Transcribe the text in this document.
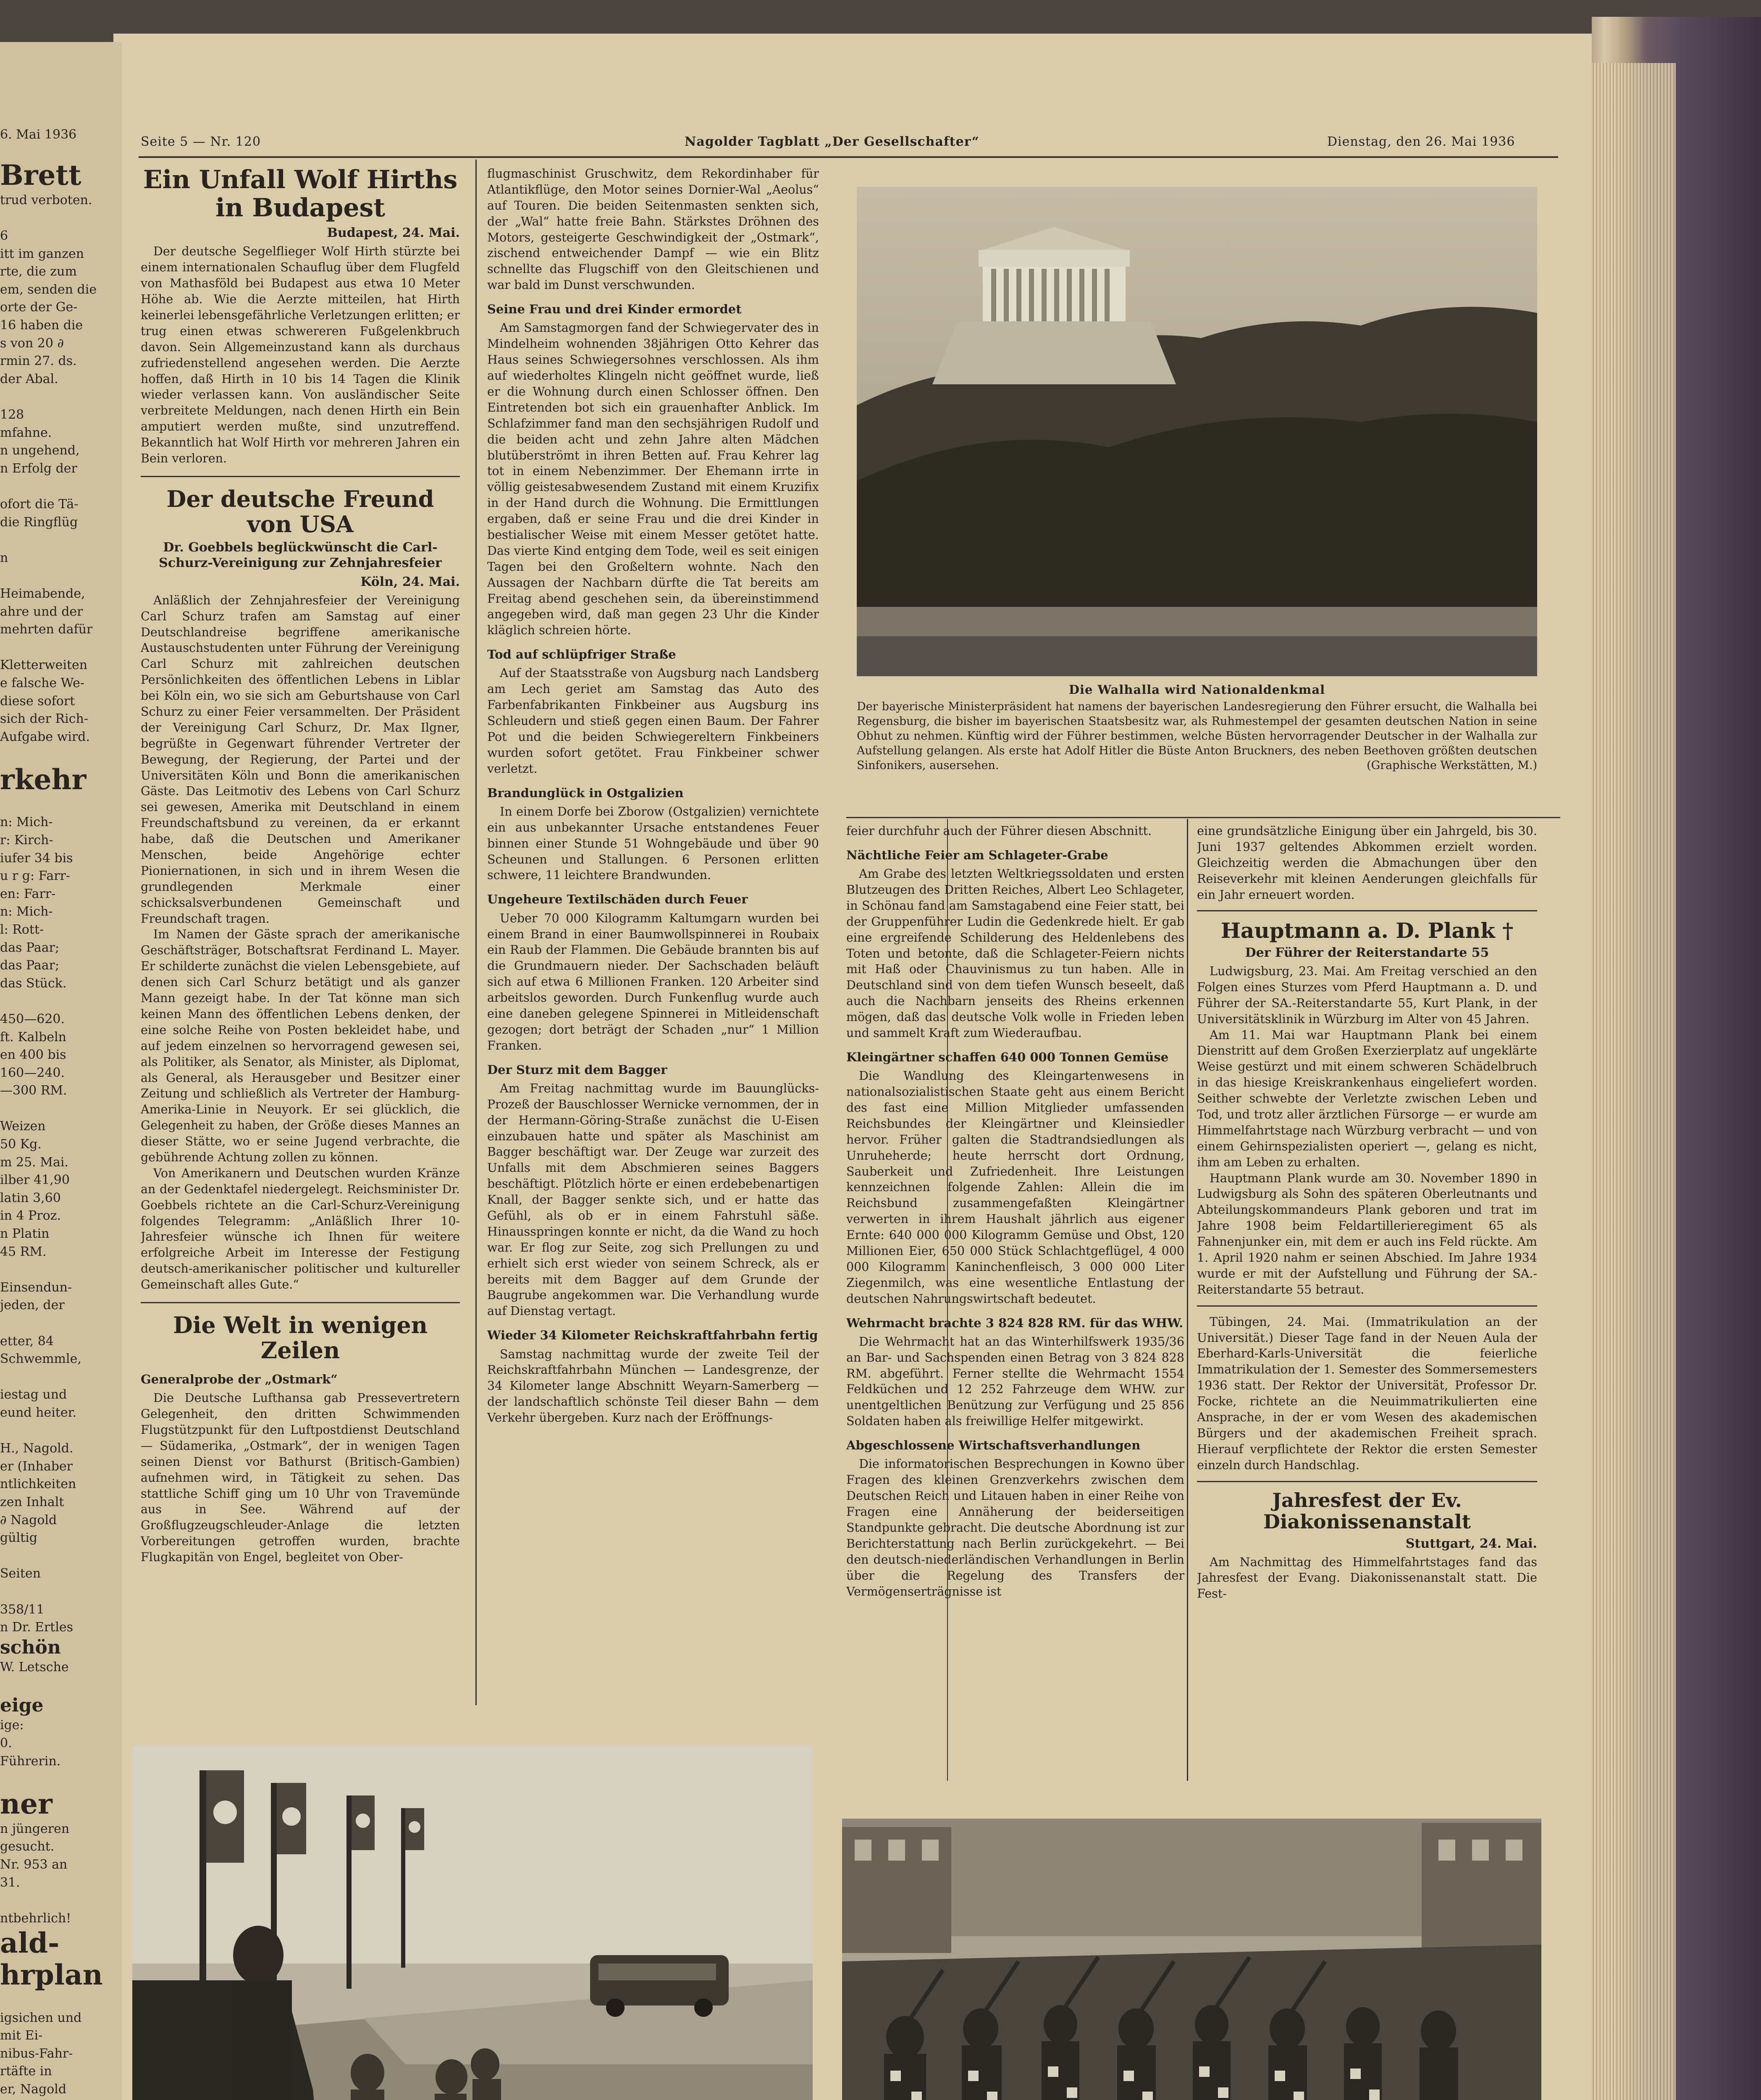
6. Mai 1936
Brett
trud verboten.

6
itt im ganzen
rte, die zum
em, senden die
orte der Ge-
16 haben die
s von 20 ∂
rmin 27. ds.
der Abal.

128
mfahne.
n ungehend,
n Erfolg der

ofort die Tä-
die Ringflüg

n

Heimabende,
ahre und der
mehrten dafür

Kletterweiten
e falsche We-
diese sofort
sich der Rich-
Aufgabe wird.

rkehr

n: Mich-
r: Kirch-
iufer 34 bis
u r g: Farr-
en: Farr-
n: Mich-
l: Rott-
das Paar;
das Paar;
das Stück.

450—620.
ft. Kalbeln
en 400 bis
160—240.
—300 RM.

Weizen
50 Kg.
m 25. Mai.
ilber 41,90
latin 3,60
in 4 Proz.
n Platin
45 RM.

Einsendun-
jeden, der

etter, 84
Schwemmle,

iestag und
eund heiter.

H., Nagold.
er (Inhaber
ntlichkeiten
zen Inhalt
∂ Nagold
gültig

Seiten

358/11
n Dr. Ertles
schön
W. Letsche

eige
ige:
0.
Führerin.

ner
n jüngeren
gesucht.
Nr. 953 an
31.

ntbehrlich!
ald-
hrplan

igsichen und
mit Ei-
nibus-Fahr-
rtäfte in
er, Nagold
Seite 5 — Nr. 120	Nagolder Tagblatt „Der Gesellschafter“	Dienstag, den 26. Mai 1936
Ein Unfall Wolf Hirths in Budapest
Budapest, 24. Mai.

Der deutsche Segelflieger Wolf Hirth stürzte bei einem internationalen Schauflug über dem Flugfeld von Mathasföld bei Budapest aus etwa 10 Meter Höhe ab. Wie die Aerzte mitteilen, hat Hirth keinerlei lebensgefährliche Verletzungen erlitten; er trug einen etwas schwereren Fußgelenkbruch davon. Sein Allgemeinzustand kann als durchaus zufriedenstellend angesehen werden. Die Aerzte hoffen, daß Hirth in 10 bis 14 Tagen die Klinik wieder verlassen kann. Von ausländischer Seite verbreitete Meldungen, nach denen Hirth ein Bein amputiert werden mußte, sind unzutreffend. Bekanntlich hat Wolf Hirth vor mehreren Jahren ein Bein verloren.

Der deutsche Freund von USA
Dr. Goebbels beglückwünscht die Carl-Schurz-Vereinigung zur Zehnjahresfeier
Köln, 24. Mai.

Anläßlich der Zehnjahresfeier der Vereinigung Carl Schurz trafen am Samstag auf einer Deutschlandreise begriffene amerikanische Austauschstudenten unter Führung der Vereinigung Carl Schurz mit zahlreichen deutschen Persönlichkeiten des öffentlichen Lebens in Liblar bei Köln ein, wo sie sich am Geburtshause von Carl Schurz zu einer Feier versammelten. Der Präsident der Vereinigung Carl Schurz, Dr. Max Ilgner, begrüßte in Gegenwart führender Vertreter der Bewegung, der Regierung, der Partei und der Universitäten Köln und Bonn die amerikanischen Gäste. Das Leitmotiv des Lebens von Carl Schurz sei gewesen, Amerika mit Deutschland in einem Freundschaftsbund zu vereinen, da er erkannt habe, daß die Deutschen und Amerikaner Menschen, beide Angehörige echter Pioniernationen, in sich und in ihrem Wesen die grundlegenden Merkmale einer schicksalsverbundenen Gemeinschaft und Freundschaft tragen.

Im Namen der Gäste sprach der amerikanische Geschäftsträger, Botschaftsrat Ferdinand L. Mayer. Er schilderte zunächst die vielen Lebensgebiete, auf denen sich Carl Schurz betätigt und als ganzer Mann gezeigt habe. In der Tat könne man sich keinen Mann des öffentlichen Lebens denken, der eine solche Reihe von Posten bekleidet habe, und auf jedem einzelnen so hervorragend gewesen sei, als Politiker, als Senator, als Minister, als Diplomat, als General, als Herausgeber und Besitzer einer Zeitung und schließlich als Vertreter der Hamburg-Amerika-Linie in Neuyork. Er sei glücklich, die Gelegenheit zu haben, der Größe dieses Mannes an dieser Stätte, wo er seine Jugend verbrachte, die gebührende Achtung zollen zu können.

Von Amerikanern und Deutschen wurden Kränze an der Gedenktafel niedergelegt. Reichsminister Dr. Goebbels richtete an die Carl-Schurz-Vereinigung folgendes Telegramm: „Anläßlich Ihrer 10-Jahresfeier wünsche ich Ihnen für weitere erfolgreiche Arbeit im Interesse der Festigung deutsch-amerikanischer politischer und kultureller Gemeinschaft alles Gute.“

Die Welt in wenigen Zeilen
Generalprobe der „Ostmark“

Die Deutsche Lufthansa gab Pressevertretern Gelegenheit, den dritten Schwimmenden Flugstützpunkt für den Luftpostdienst Deutschland — Südamerika, „Ostmark“, der in wenigen Tagen seinen Dienst vor Bathurst (Britisch-Gambien) aufnehmen wird, in Tätigkeit zu sehen. Das stattliche Schiff ging um 10 Uhr von Travemünde aus in See. Während auf der Großflugzeugschleuder-Anlage die letzten Vorbereitungen getroffen wurden, brachte Flugkapitän von Engel, begleitet von Ober-

flugmaschinist Gruschwitz, dem Rekordinhaber für Atlantikflüge, den Motor seines Dornier-Wal „Aeolus“ auf Touren. Die beiden Seitenmasten senkten sich, der „Wal“ hatte freie Bahn. Stärkstes Dröhnen des Motors, gesteigerte Geschwindigkeit der „Ostmark“, zischend entweichender Dampf — wie ein Blitz schnellte das Flugschiff von den Gleitschienen und war bald im Dunst verschwunden.

Seine Frau und drei Kinder ermordet

Am Samstagmorgen fand der Schwiegervater des in Mindelheim wohnenden 38jährigen Otto Kehrer das Haus seines Schwiegersohnes verschlossen. Als ihm auf wiederholtes Klingeln nicht geöffnet wurde, ließ er die Wohnung durch einen Schlosser öffnen. Den Eintretenden bot sich ein grauenhafter Anblick. Im Schlafzimmer fand man den sechsjährigen Rudolf und die beiden acht und zehn Jahre alten Mädchen blutüberströmt in ihren Betten auf. Frau Kehrer lag tot in einem Nebenzimmer. Der Ehemann irrte in völlig geistesabwesendem Zustand mit einem Kruzifix in der Hand durch die Wohnung. Die Ermittlungen ergaben, daß er seine Frau und die drei Kinder in bestialischer Weise mit einem Messer getötet hatte. Das vierte Kind entging dem Tode, weil es seit einigen Tagen bei den Großeltern wohnte. Nach den Aussagen der Nachbarn dürfte die Tat bereits am Freitag abend geschehen sein, da übereinstimmend angegeben wird, daß man gegen 23 Uhr die Kinder kläglich schreien hörte.

Tod auf schlüpfriger Straße

Auf der Staatsstraße von Augsburg nach Landsberg am Lech geriet am Samstag das Auto des Farbenfabrikanten Finkbeiner aus Augsburg ins Schleudern und stieß gegen einen Baum. Der Fahrer Pot und die beiden Schwiegereltern Finkbeiners wurden sofort getötet. Frau Finkbeiner schwer verletzt.

Brandunglück in Ostgalizien

In einem Dorfe bei Zborow (Ostgalizien) vernichtete ein aus unbekannter Ursache entstandenes Feuer binnen einer Stunde 51 Wohngebäude und über 90 Scheunen und Stallungen. 6 Personen erlitten schwere, 11 leichtere Brandwunden.

Ungeheure Textilschäden durch Feuer

Ueber 70 000 Kilogramm Kaltumgarn wurden bei einem Brand in einer Baumwollspinnerei in Roubaix ein Raub der Flammen. Die Gebäude brannten bis auf die Grundmauern nieder. Der Sachschaden beläuft sich auf etwa 6 Millionen Franken. 120 Arbeiter sind arbeitslos geworden. Durch Funkenflug wurde auch eine daneben gelegene Spinnerei in Mitleidenschaft gezogen; dort beträgt der Schaden „nur“ 1 Million Franken.

Der Sturz mit dem Bagger

Am Freitag nachmittag wurde im Bauunglücks-Prozeß der Bauschlosser Wernicke vernommen, der in der Hermann-Göring-Straße zunächst die U-Eisen einzubauen hatte und später als Maschinist am Bagger beschäftigt war. Der Zeuge war zurzeit des Unfalls mit dem Abschmieren seines Baggers beschäftigt. Plötzlich hörte er einen erdebebenartigen Knall, der Bagger senkte sich, und er hatte das Gefühl, als ob er in einem Fahrstuhl säße. Hinausspringen konnte er nicht, da die Wand zu hoch war. Er flog zur Seite, zog sich Prellungen zu und erhielt sich erst wieder von seinem Schreck, als er bereits mit dem Bagger auf dem Grunde der Baugrube angekommen war. Die Verhandlung wurde auf Dienstag vertagt.

Wieder 34 Kilometer Reichskraftfahrbahn fertig

Samstag nachmittag wurde der zweite Teil der Reichskraftfahrbahn München — Landesgrenze, der 34 Kilometer lange Abschnitt Weyarn-Samerberg — der landschaftlich schönste Teil dieser Bahn — dem Verkehr übergeben. Kurz nach der Eröffnungs-

Die Walhalla wird Nationaldenkmal

Der bayerische Ministerpräsident hat namens der bayerischen Landesregierung den Führer ersucht, die Walhalla bei Regensburg, die bisher im bayerischen Staatsbesitz war, als Ruhmestempel der gesamten deutschen Nation in seine Obhut zu nehmen. Künftig wird der Führer bestimmen, welche Büsten hervorragender Deutscher in der Walhalla zur Aufstellung gelangen. Als erste hat Adolf Hitler die Büste Anton Bruckners, des neben Beethoven größten deutschen Sinfonikers, ausersehen.	(Graphische Werkstätten, M.)

feier durchfuhr auch der Führer diesen Abschnitt.

Nächtliche Feier am Schlageter-Grabe

Am Grabe des letzten Weltkriegssoldaten und ersten Blutzeugen des Dritten Reiches, Albert Leo Schlageter, in Schönau fand am Samstagabend eine Feier statt, bei der Gruppenführer Ludin die Gedenkrede hielt. Er gab eine ergreifende Schilderung des Heldenlebens des Toten und betonte, daß die Schlageter-Feiern nichts mit Haß oder Chauvinismus zu tun haben. Alle in Deutschland sind von dem tiefen Wunsch beseelt, daß auch die Nachbarn jenseits des Rheins erkennen mögen, daß das deutsche Volk wolle in Frieden leben und sammelt Kraft zum Wiederaufbau.

Kleingärtner schaffen 640 000 Tonnen Gemüse

Die Wandlung des Kleingartenwesens in nationalsozialistischen Staate geht aus einem Bericht des fast eine Million Mitglieder umfassenden Reichsbundes der Kleingärtner und Kleinsiedler hervor. Früher galten die Stadtrandsiedlungen als Unruheherde; heute herrscht dort Ordnung, Sauberkeit und Zufriedenheit. Ihre Leistungen kennzeichnen folgende Zahlen: Allein die im Reichsbund zusammengefaßten Kleingärtner verwerten in ihrem Haushalt jährlich aus eigener Ernte: 640 000 000 Kilogramm Gemüse und Obst, 120 Millionen Eier, 650 000 Stück Schlachtgeflügel, 4 000 000 Kilogramm Kaninchenfleisch, 3 000 000 Liter Ziegenmilch, was eine wesentliche Entlastung der deutschen Nahrungswirtschaft bedeutet.

Wehrmacht brachte 3 824 828 RM. für das WHW.

Die Wehrmacht hat an das Winterhilfswerk 1935/36 an Bar- und Sachspenden einen Betrag von 3 824 828 RM. abgeführt. Ferner stellte die Wehrmacht 1554 Feldküchen und 12 252 Fahrzeuge dem WHW. zur unentgeltlichen Benützung zur Verfügung und 25 856 Soldaten haben als freiwillige Helfer mitgewirkt.

Abgeschlossene Wirtschaftsverhandlungen

Die informatorischen Besprechungen in Kowno über Fragen des kleinen Grenzverkehrs zwischen dem Deutschen Reich und Litauen haben in einer Reihe von Fragen eine Annäherung der beiderseitigen Standpunkte gebracht. Die deutsche Abordnung ist zur Berichterstattung nach Berlin zurückgekehrt. — Bei den deutsch-niederländischen Verhandlungen in Berlin über die Regelung des Transfers der Vermögenserträgnisse ist

eine grundsätzliche Einigung über ein Jahrgeld, bis 30. Juni 1937 geltendes Abkommen erzielt worden. Gleichzeitig werden die Abmachungen über den Reiseverkehr mit kleinen Aenderungen gleichfalls für ein Jahr erneuert worden.

Hauptmann a. D. Plank †
Der Führer der Reiterstandarte 55

Ludwigsburg, 23. Mai. Am Freitag verschied an den Folgen eines Sturzes vom Pferd Hauptmann a. D. und Führer der SA.-Reiterstandarte 55, Kurt Plank, in der Universitätsklinik in Würzburg im Alter von 45 Jahren.

Am 11. Mai war Hauptmann Plank bei einem Dienstritt auf dem Großen Exerzierplatz auf ungeklärte Weise gestürzt und mit einem schweren Schädelbruch in das hiesige Kreiskrankenhaus eingeliefert worden. Seither schwebte der Verletzte zwischen Leben und Tod, und trotz aller ärztlichen Fürsorge — er wurde am Himmelfahrtstage nach Würzburg verbracht — und von einem Gehirnspezialisten operiert —, gelang es nicht, ihm am Leben zu erhalten.

Hauptmann Plank wurde am 30. November 1890 in Ludwigsburg als Sohn des späteren Oberleutnants und Abteilungskommandeurs Plank geboren und trat im Jahre 1908 beim Feldartillerieregiment 65 als Fahnenjunker ein, mit dem er auch ins Feld rückte. Am 1. April 1920 nahm er seinen Abschied. Im Jahre 1934 wurde er mit der Aufstellung und Führung der SA.-Reiterstandarte 55 betraut.

Tübingen, 24. Mai. (Immatrikulation an der Universität.) Dieser Tage fand in der Neuen Aula der Eberhard-Karls-Universität die feierliche Immatrikulation der 1. Semester des Sommersemesters 1936 statt. Der Rektor der Universität, Professor Dr. Focke, richtete an die Neuimmatrikulierten eine Ansprache, in der er vom Wesen des akademischen Bürgers und der akademischen Freiheit sprach. Hierauf verpflichtete der Rektor die ersten Semester einzeln durch Handschlag.

Jahresfest der Ev. Diakonissenanstalt
Stuttgart, 24. Mai.

Am Nachmittag des Himmelfahrtstages fand das Jahresfest der Evang. Diakonissenanstalt statt. Die Fest-
